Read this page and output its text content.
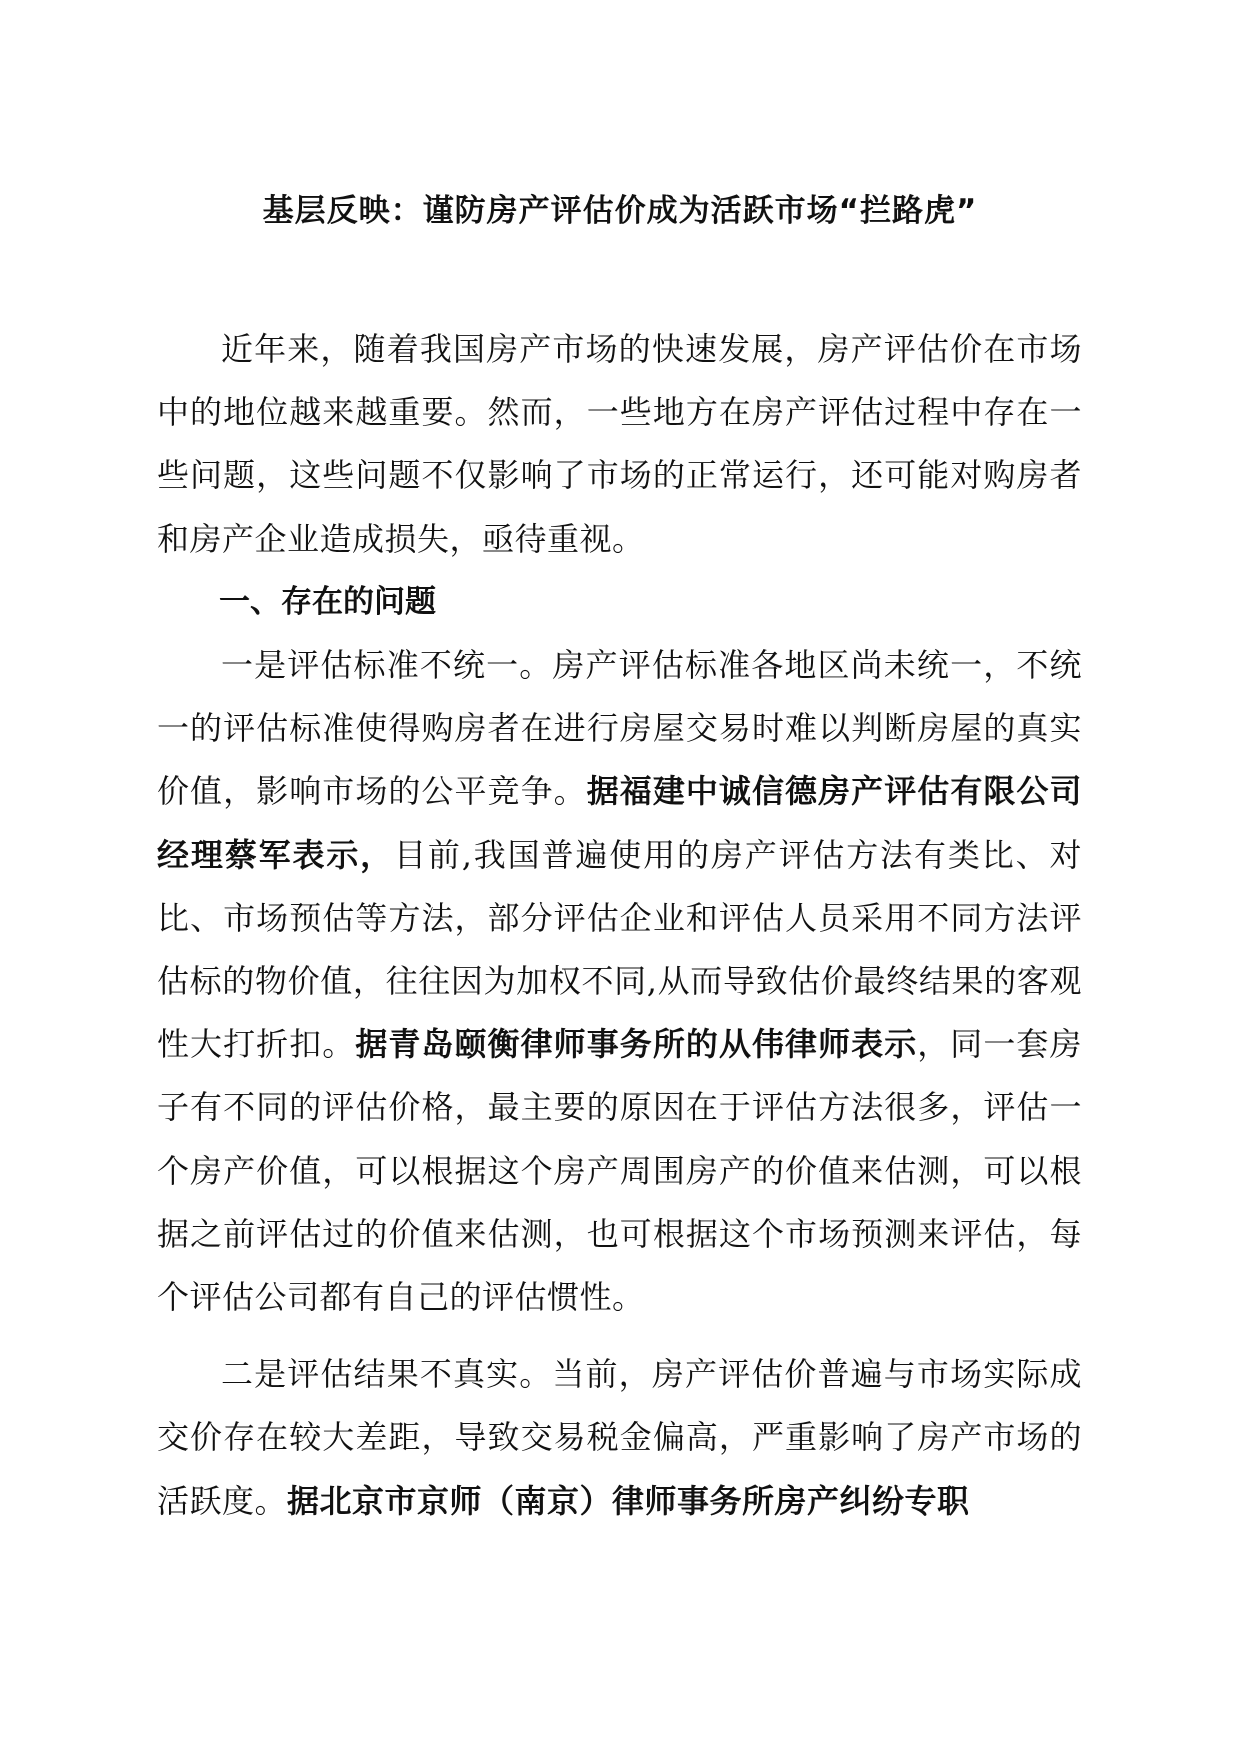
基层反映：谨防房产评估价成为活跃市场“拦路虎”

近年来，随着我国房产市场的快速发展，房产评估价在市场中的地位越来越重要。然而，一些地方在房产评估过程中存在一些问题，这些问题不仅影响了市场的正常运行，还可能对购房者和房产企业造成损失，亟待重视。

一、存在的问题

一是评估标准不统一。房产评估标准各地区尚未统一，不统一的评估标准使得购房者在进行房屋交易时难以判断房屋的真实价值，影响市场的公平竞争。据福建中诚信德房产评估有限公司经理蔡军表示，目前,我国普遍使用的房产评估方法有类比、对比、市场预估等方法，部分评估企业和评估人员采用不同方法评估标的物价值，往往因为加权不同,从而导致估价最终结果的客观性大打折扣。据青岛颐衡律师事务所的从伟律师表示，同一套房子有不同的评估价格，最主要的原因在于评估方法很多，评估一个房产价值，可以根据这个房产周围房产的价值来估测，可以根据之前评估过的价值来估测，也可根据这个市场预测来评估，每个评估公司都有自己的评估惯性。

二是评估结果不真实。当前，房产评估价普遍与市场实际成交价存在较大差距，导致交易税金偏高，严重影响了房产市场的活跃度。据北京市京师（南京）律师事务所房产纠纷专职
